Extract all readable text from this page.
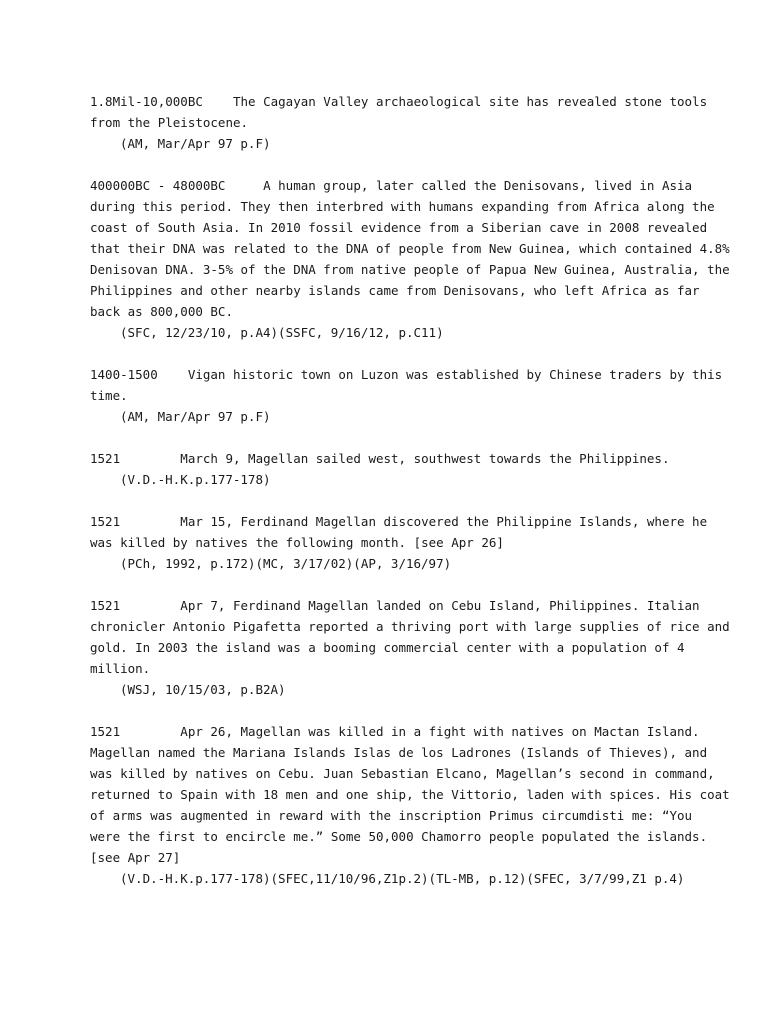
1.8Mil-10,000BC    The Cagayan Valley archaeological site has revealed stone tools
from the Pleistocene.
(AM, Mar/Apr 97 p.F)
400000BC - 48000BC     A human group, later called the Denisovans, lived in Asia
during this period. They then interbred with humans expanding from Africa along the
coast of South Asia. In 2010 fossil evidence from a Siberian cave in 2008 revealed
that their DNA was related to the DNA of people from New Guinea, which contained 4.8%
Denisovan DNA. 3-5% of the DNA from native people of Papua New Guinea, Australia, the
Philippines and other nearby islands came from Denisovans, who left Africa as far
back as 800,000 BC.
(SFC, 12/23/10, p.A4)(SSFC, 9/16/12, p.C11)
1400-1500    Vigan historic town on Luzon was established by Chinese traders by this
time.
(AM, Mar/Apr 97 p.F)
1521        March 9, Magellan sailed west, southwest towards the Philippines.
(V.D.-H.K.p.177-178)
1521        Mar 15, Ferdinand Magellan discovered the Philippine Islands, where he
was killed by natives the following month. [see Apr 26]
(PCh, 1992, p.172)(MC, 3/17/02)(AP, 3/16/97)
1521        Apr 7, Ferdinand Magellan landed on Cebu Island, Philippines. Italian
chronicler Antonio Pigafetta reported a thriving port with large supplies of rice and
gold. In 2003 the island was a booming commercial center with a population of 4
million.
(WSJ, 10/15/03, p.B2A)
1521        Apr 26, Magellan was killed in a fight with natives on Mactan Island.
Magellan named the Mariana Islands Islas de los Ladrones (Islands of Thieves), and
was killed by natives on Cebu. Juan Sebastian Elcano, Magellan’s second in command,
returned to Spain with 18 men and one ship, the Vittorio, laden with spices. His coat
of arms was augmented in reward with the inscription Primus circumdisti me: “You
were the first to encircle me.” Some 50,000 Chamorro people populated the islands.
[see Apr 27]
(V.D.-H.K.p.177-178)(SFEC,11/10/96,Z1p.2)(TL-MB, p.12)(SFEC, 3/7/99,Z1 p.4)
